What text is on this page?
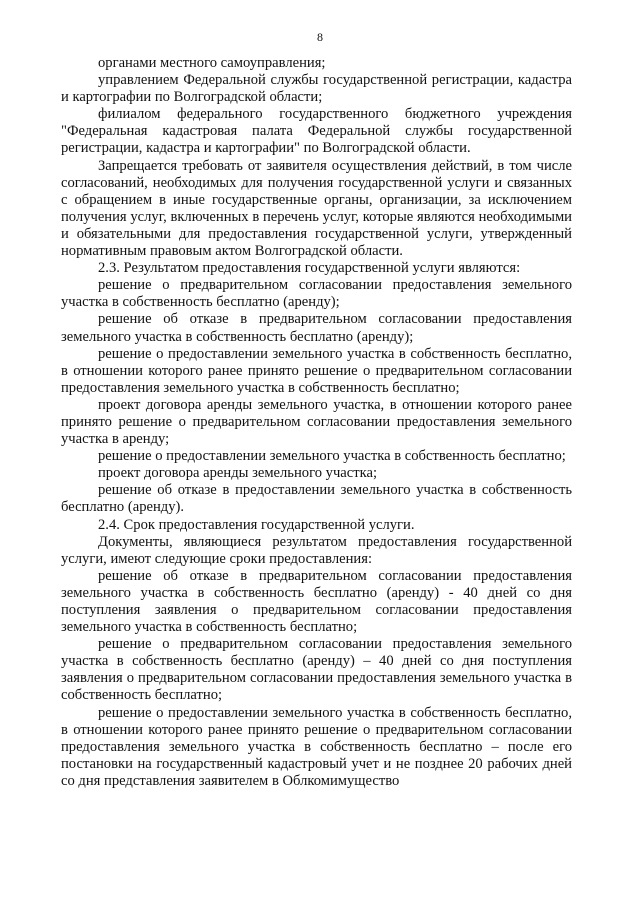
8

органами местного самоуправления;

управлением Федеральной службы государственной регистрации, кадастра и картографии по Волгоградской области;

филиалом федерального государственного бюджетного учреждения "Федеральная кадастровая палата Федеральной службы государственной регистрации, кадастра и картографии" по Волгоградской области.

Запрещается требовать от заявителя осуществления действий, в том числе согласований, необходимых для получения государственной услуги и связанных с обращением в иные государственные органы, организации, за исключением получения услуг, включенных в перечень услуг, которые являются необходимыми и обязательными для предоставления государственной услуги, утвержденный нормативным правовым актом Волгоградской области.

2.3. Результатом предоставления государственной услуги являются:

решение о предварительном согласовании предоставления земельного участка в собственность бесплатно (аренду);

решение об отказе в предварительном согласовании предоставления земельного участка в собственность бесплатно (аренду);

решение о предоставлении земельного участка в собственность бесплатно, в отношении которого ранее принято решение о предварительном согласовании предоставления земельного участка в собственность бесплатно;

проект договора аренды земельного участка, в отношении которого ранее принято решение о предварительном согласовании предоставления земельного участка в аренду;

решение о предоставлении земельного участка в собственность бесплатно;

проект договора аренды земельного участка;

решение об отказе в предоставлении земельного участка в собственность бесплатно (аренду).

2.4. Срок предоставления государственной услуги.

Документы, являющиеся результатом предоставления государственной услуги, имеют следующие сроки предоставления:

решение об отказе в предварительном согласовании предоставления земельного участка в собственность бесплатно (аренду) - 40 дней со дня поступления заявления о предварительном согласовании предоставления земельного участка в собственность бесплатно;

решение о предварительном согласовании предоставления земельного участка в собственность бесплатно (аренду) – 40 дней со дня поступления заявления о предварительном согласовании предоставления земельного участка в собственность бесплатно;

решение о предоставлении земельного участка в собственность бесплатно, в отношении которого ранее принято решение о предварительном согласовании предоставления земельного участка в собственность бесплатно – после его постановки на государственный кадастровый учет и не позднее 20 рабочих дней со дня представления заявителем в Облкомимущество
